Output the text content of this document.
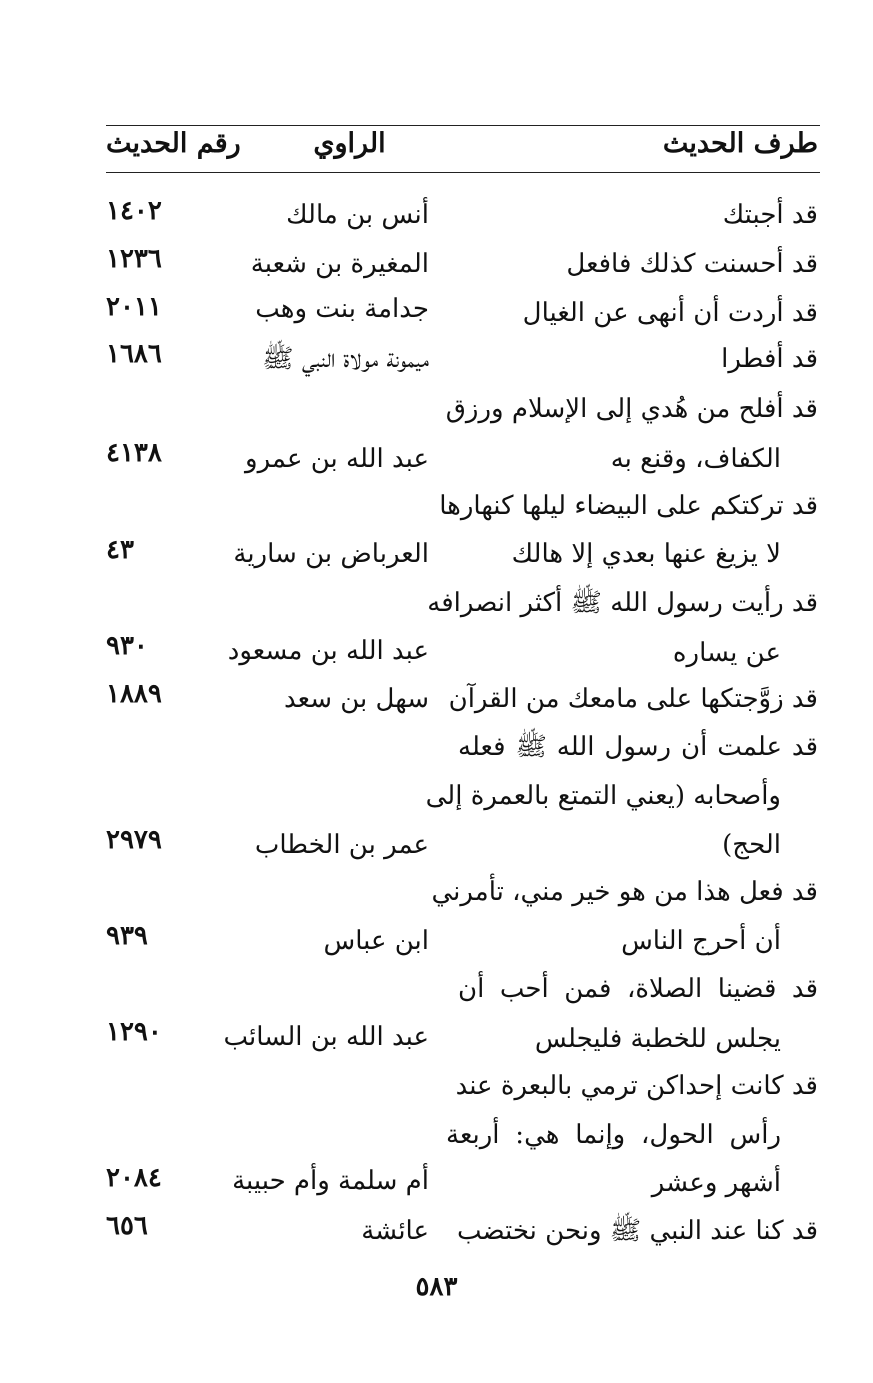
طرف الحديث
الراوي
رقم الحديث
قد أجبتك
أنس بن مالك
١٤٠٢
قد أحسنت كذلك فافعل
المغيرة بن شعبة
١٢٣٦
قد أردت أن أنهى عن الغيال
جدامة بنت وهب
٢٠١١
قد أفطرا
ميمونة مولاة النبي ﷺ
١٦٨٦
قد أفلح من هُدي إلى الإسلام ورزق
الكفاف، وقنع به
عبد الله بن عمرو
٤١٣٨
قد تركتكم على البيضاء ليلها كنهارها
لا يزيغ عنها بعدي إلا هالك
العرباض بن سارية
٤٣
قد رأيت رسول الله ﷺ أكثر انصرافه
عن يساره
عبد الله بن مسعود
٩٣٠
قد زوَّجتكها على مامعك من القرآن
سهل بن سعد
١٨٨٩
قد علمت أن رسول الله ﷺ فعله
وأصحابه (يعني التمتع بالعمرة إلى
الحج)
عمر بن الخطاب
٢٩٧٩
قد فعل هذا من هو خير مني، تأمرني
أن أحرج الناس
ابن عباس
٩٣٩
قد قضينا الصلاة، فمن أحب أن
يجلس للخطبة فليجلس
عبد الله بن السائب
١٢٩٠
قد كانت إحداكن ترمي بالبعرة عند
رأس الحول، وإنما هي: أربعة
أشهر وعشر
أم سلمة وأم حبيبة
٢٠٨٤
قد كنا عند النبي ﷺ ونحن نختضب
عائشة
٦٥٦
٥٨٣
